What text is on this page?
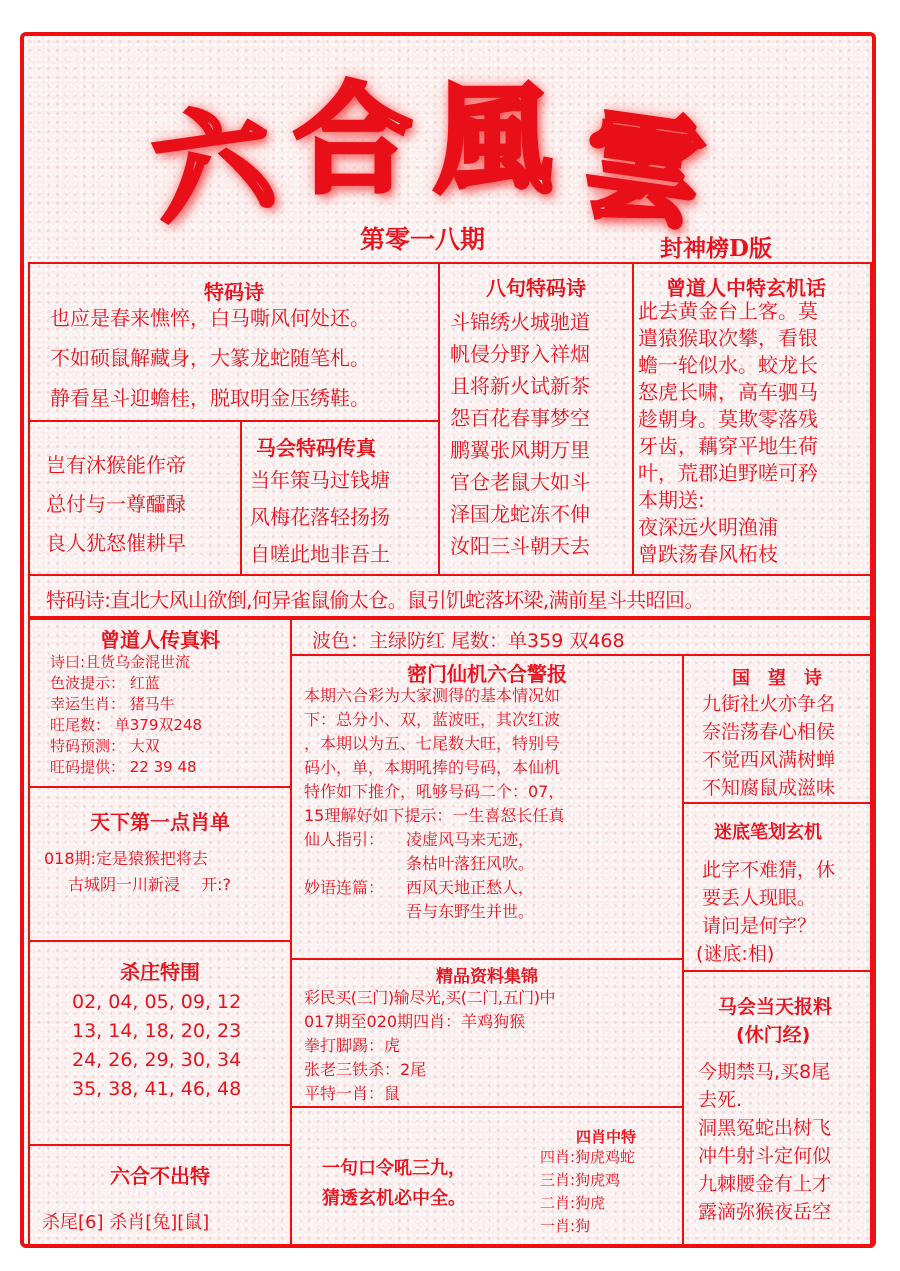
六 合 風 雲
第零一八期	封神榜D版
特码诗
也应是春来憔悴，白马嘶风何处还。
不如硕鼠解藏身，大篆龙蛇随笔札。
静看星斗迎蟾桂，脱取明金压绣鞋。
八句特码诗
斗锦绣火城驰道
帆侵分野入祥烟
且将新火试新茶
怨百花春事梦空
鹏翼张风期万里
官仓老鼠大如斗
泽国龙蛇冻不伸
汝阳三斗朝天去
曾道人中特玄机话
此去黄金台上客。莫
遣猿猴取次攀，看银
蟾一轮似水。蛟龙长
怒虎长啸，高车驷马
趁朝身。莫欺零落残
牙齿，藕穿平地生荷
叶，荒郡迫野嗟可矜
本期送:
夜深远火明渔浦
曾跌荡春风柘枝
岂有沐猴能作帝
总付与一尊醽醁
良人犹怒催耕早
马会特码传真
当年策马过钱塘
风梅花落轻扬扬
自嗟此地非吾土
特码诗:直北大风山欲倒,何异雀鼠偷太仓。鼠引饥蛇落坏梁,满前星斗共昭回。
曾道人传真料
诗曰:且货乌金混世流
色波提示： 红蓝
幸运生肖： 猪马牛
旺尾数： 单379双248
特码预测： 大双
旺码提供： 22 39 48
天下第一点肖单
018期:定是猿猴把将去
古城阴一川新浸　 开:?
杀庄特围
02, 04, 05, 09, 12
13, 14, 18, 20, 23
24, 26, 29, 30, 34
35, 38, 41, 46, 48
六合不出特
杀尾[6] 杀肖[兔][鼠]
波色：主绿防红 尾数：单359 双468
密门仙机六合警报
本期六合彩为大家测得的基本情况如
下：总分小、双，蓝波旺，其次红波
，本期以为五、七尾数大旺，特别号
码小，单，本期吼捧的号码，本仙机
特作如下推介，吼够号码二个：07，
15理解好如下提示：一生喜怒长任真
仙人指引： 凌虚风马来无迹，
条枯叶落狂风吹。
妙语连篇： 西风天地正愁人，
吾与东野生并世。
精品资料集锦
彩民买(三门)输尽光,买(二门,五门)中
017期至020期四肖：羊鸡狗猴
拳打脚踢：虎
张老三铁杀：2尾
平特一肖：鼠
一句口令吼三九，
猜透玄机必中全。
四肖中特
四肖:狗虎鸡蛇
三肖:狗虎鸡
二肖:狗虎
一肖:狗
国　望　诗
九街社火亦争名
奈浩荡春心相侯
不觉西风满树蝉
不知腐鼠成滋味
迷底笔划玄机
此字不难猜，休
要丢人现眼。
请问是何字？
(谜底:相)
马会当天报料
(休门经)
今期禁马,买8尾
去死.
洞黑冤蛇出树飞
冲牛射斗定何似
九棘腰金有上才
露滴弥猴夜岳空
